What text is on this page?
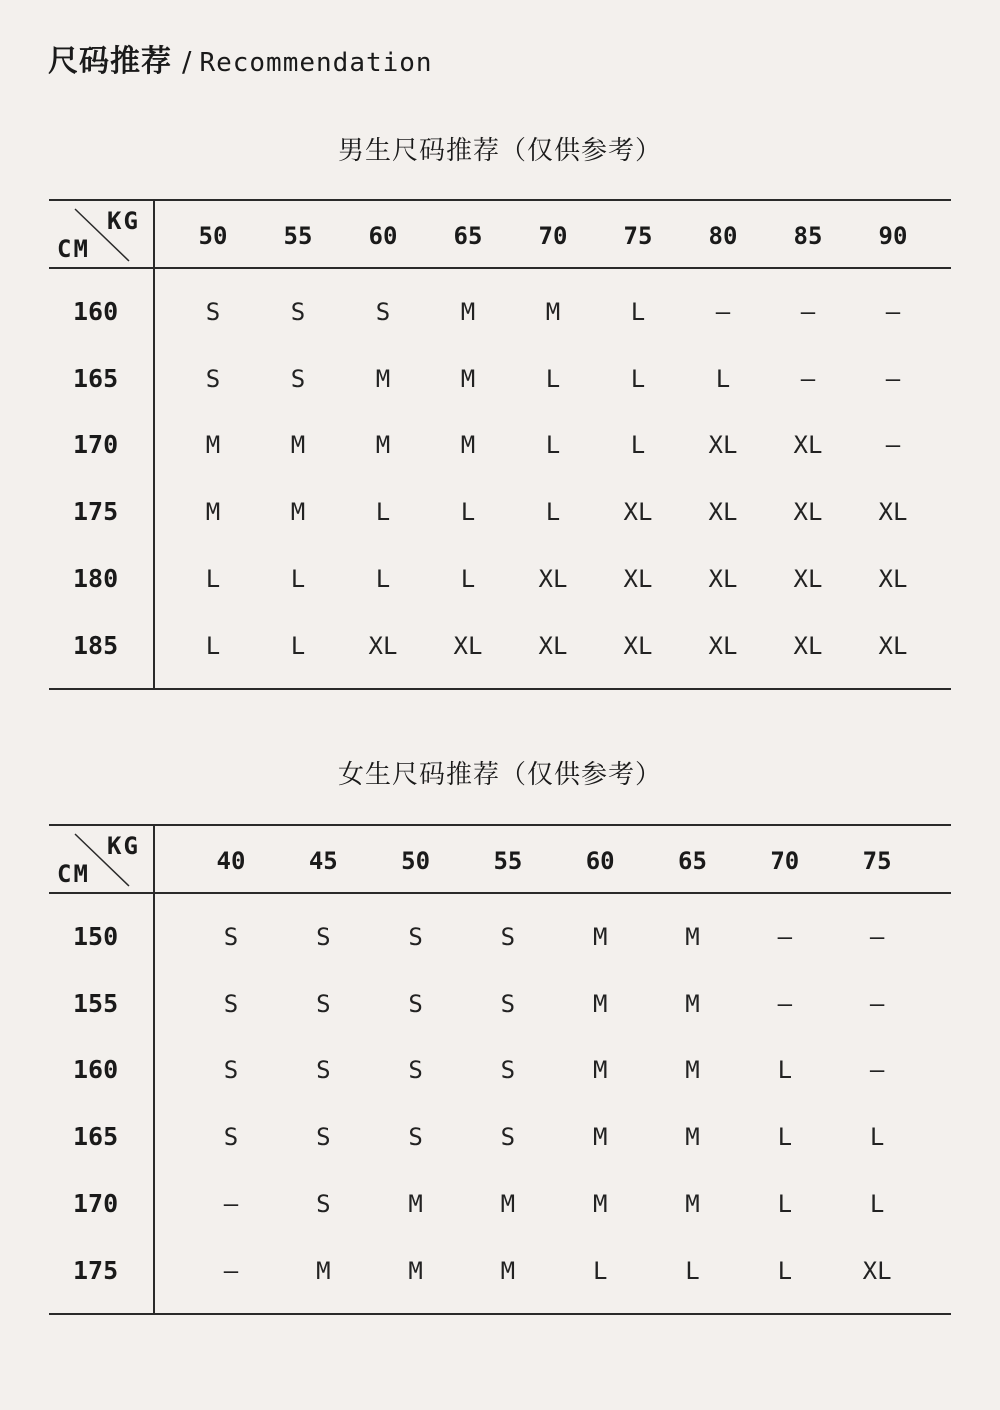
尺码推荐 / Recommendation
男生尺码推荐（仅供参考）
KG
CM	50	55	60	65	70	75	80	85	90
160	S	S	S	M	M	L	—	—	—
165	S	S	M	M	L	L	L	—	—
170	M	M	M	M	L	L	XL	XL	—
175	M	M	L	L	L	XL	XL	XL	XL
180	L	L	L	L	XL	XL	XL	XL	XL
185	L	L	XL	XL	XL	XL	XL	XL	XL
女生尺码推荐（仅供参考）
KG
CM	40	45	50	55	60	65	70	75
150	S	S	S	S	M	M	—	—
155	S	S	S	S	M	M	—	—
160	S	S	S	S	M	M	L	—
165	S	S	S	S	M	M	L	L
170	—	S	M	M	M	M	L	L
175	—	M	M	M	L	L	L	XL
